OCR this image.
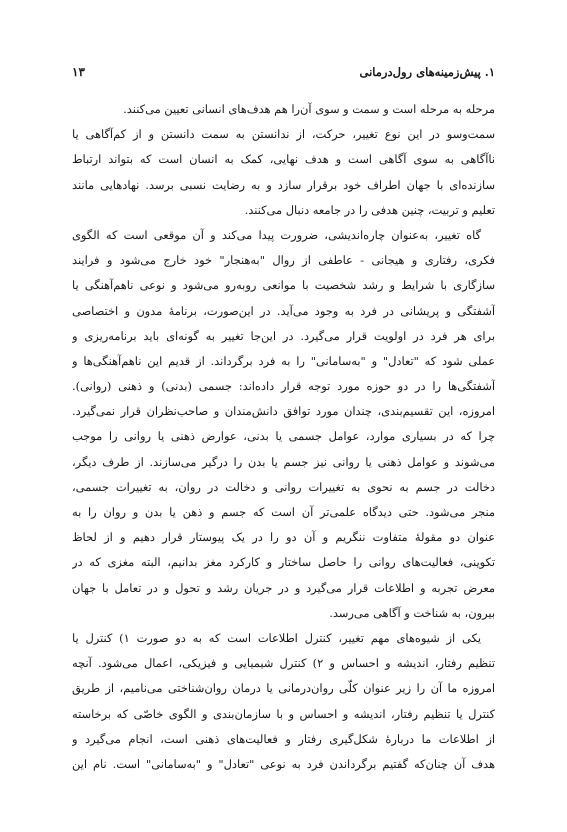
۱. پیش‌زمینه‌های رول‌درمانی
۱۳
مرحله به مرحله است و سمت و سوی آن‌را هم هدف‌های انسانی تعیین می‌کنند.
سمت‌وسو در این نوع تغییر، حرکت، از ندانستن به سمت دانستن و از کم‌آگاهی یا
ناآگاهی به سوی آگاهی است و هدف نهایی، کمک به انسان است که بتواند ارتباط
سازنده‌ای با جهان اطراف خود برقرار سازد و به رضایت نسبی برسد. نهادهایی مانند
تعلیم و تربیت، چنین هدفی را در جامعه دنبال می‌کنند.
گاه تغییر، به‌عنوان چاره‌اندیشی، ضرورت پیدا می‌کند و آن موقعی است که الگوی
فکری، رفتاری و هیجانی - عاطفی از روال "به‌هنجار" خود خارج می‌شود و فرایند
سازگاری با شرایط و رشد شخصیت با موانعی روبه‌رو می‌شود و نوعی ناهم‌آهنگی یا
آشفتگی و پریشانی در فرد به وجود می‌آید. در این‌صورت، برنامهٔ مدون و اختصاصی
برای هر فرد در اولویت قرار می‌گیرد. در این‌جا تغییر به گونه‌ای باید برنامه‌ریزی و
عملی شود که "تعادل" و "به‌سامانی" را به فرد برگرداند. از قدیم این ناهم‌آهنگی‌ها و
آشفتگی‌ها را در دو حوزه مورد توجه قرار داده‌اند: جسمی (بدنی) و ذهنی (روانی).
امروزه، این تقسیم‌بندی، چندان مورد توافق دانش‌مندان و صاحب‌نظران قرار نمی‌گیرد.
چرا که در بسیاری موارد، عوامل جسمی یا بدنی، عوارض ذهنی یا روانی را موجب
می‌شوند و عوامل ذهنی یا روانی نیز جسم یا بدن را درگیر می‌سازند. از طرف دیگر،
دخالت در جسم به نحوی به تغییرات روانی و دخالت در روان، به تغییرات جسمی،
منجر می‌شود. حتی دیدگاه علمی‌تر آن است که جسم و ذهن یا بدن و روان را به
عنوان دو مقولهٔ متفاوت ننگریم و آن دو را در یک پیوستار قرار دهیم و از لحاظ
تکوینی، فعالیت‌های روانی را حاصل ساختار و کارکرد مغز بدانیم، البته مغزی که در
معرض تجربه و اطلاعات قرار می‌گیرد و در جریان رشد و تحول و در تعامل با جهان
بیرون، به شناخت و آگاهی می‌رسد.
یکی از شیوه‌های مهم تغییر، کنترل اطلاعات است که به دو صورت ۱) کنترل یا
تنظیم رفتار، اندیشه و احساس و ۲) کنترل شیمیایی و فیزیکی، اعمال می‌شود. آنچه
امروزه ما آن را زیر عنوان کلّی روان‌درمانی یا درمان روان‌شناختی می‌نامیم، از طریق
کنترل یا تنظیم رفتار، اندیشه و احساس و با سازمان‌بندی و الگوی خاصّی که برخاسته
از اطلاعات ما دربارهٔ شکل‌گیری رفتار و فعالیت‌های ذهنی است، انجام می‌گیرد و
هدف آن چنان‌که گفتیم برگرداندن فرد به نوعی "تعادل" و "به‌سامانی" است. نام این
